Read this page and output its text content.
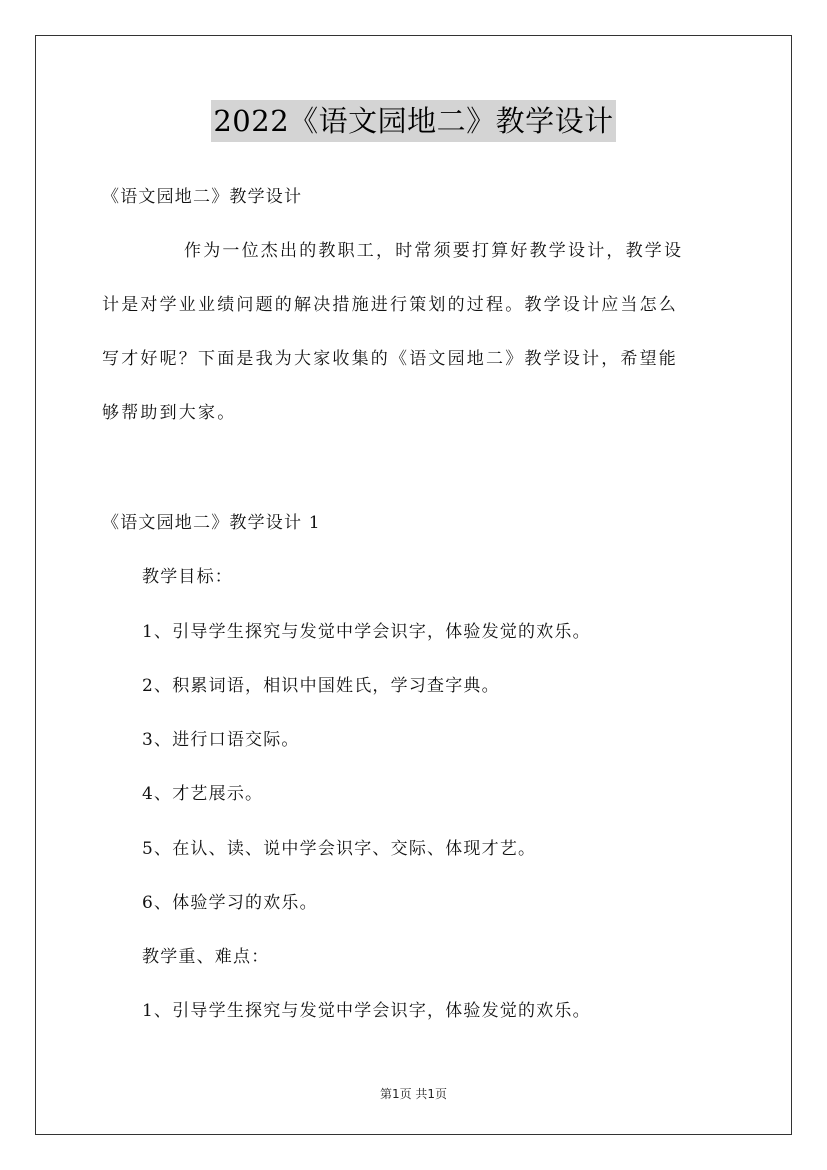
2022《语文园地二》教学设计
《语文园地二》教学设计
作为一位杰出的教职工，时常须要打算好教学设计，教学设
计是对学业业绩问题的解决措施进行策划的过程。教学设计应当怎么
写才好呢？下面是我为大家收集的《语文园地二》教学设计，希望能
够帮助到大家。
《语文园地二》教学设计 1
教学目标：
1、引导学生探究与发觉中学会识字，体验发觉的欢乐。
2、积累词语，相识中国姓氏，学习查字典。
3、进行口语交际。
4、才艺展示。
5、在认、读、说中学会识字、交际、体现才艺。
6、体验学习的欢乐。
教学重、难点：
1、引导学生探究与发觉中学会识字，体验发觉的欢乐。
第1页 共1页
